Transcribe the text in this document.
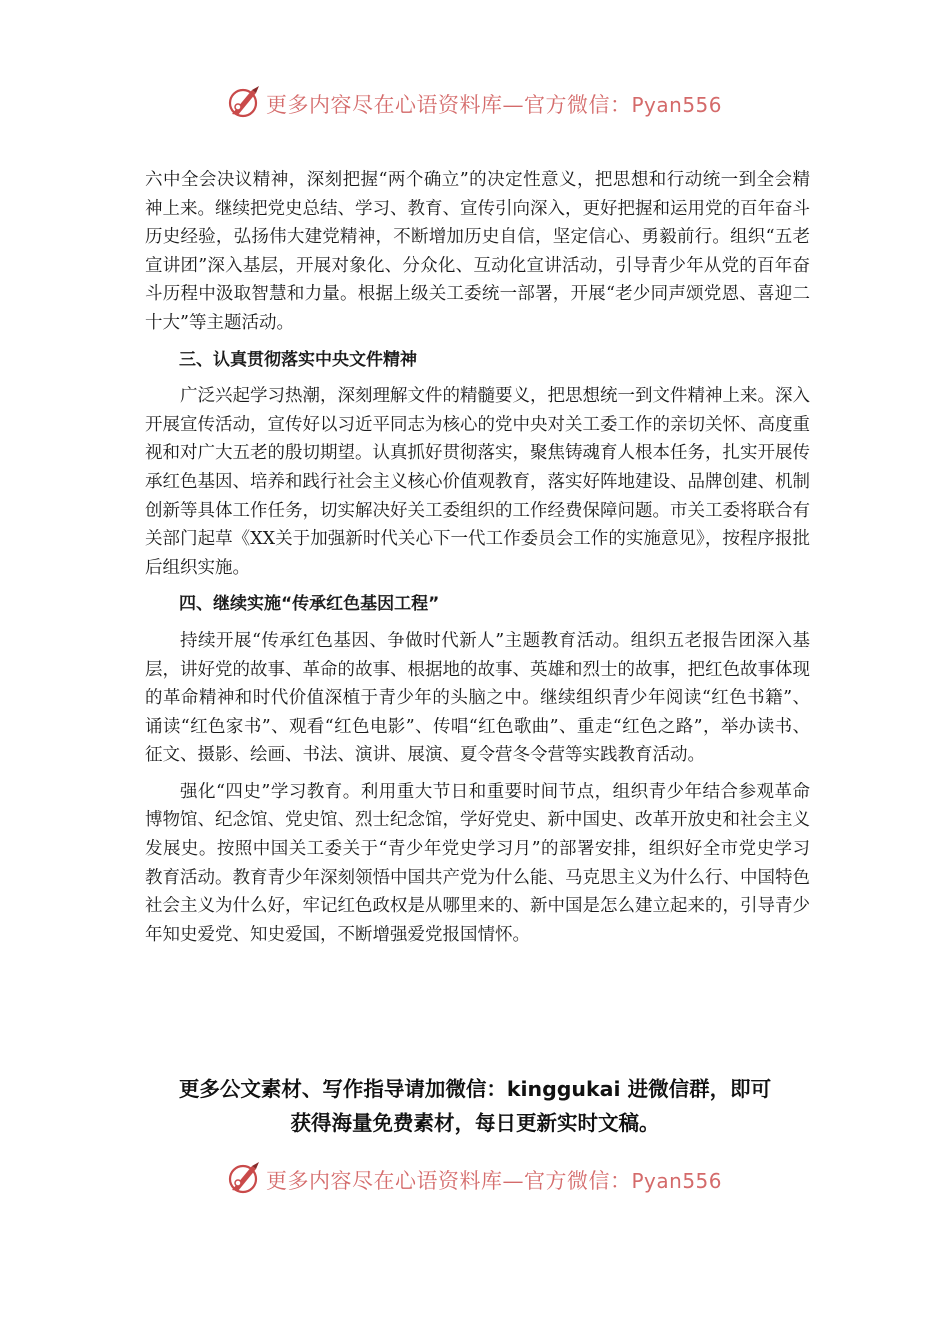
更多内容尽在心语资料库—官方微信：Pyan556

六中全会决议精神，深刻把握“两个确立”的决定性意义，把思想和行动统一到全会精神上来。继续把党史总结、学习、教育、宣传引向深入，更好把握和运用党的百年奋斗历史经验，弘扬伟大建党精神，不断增加历史自信，坚定信心、勇毅前行。组织“五老宣讲团”深入基层，开展对象化、分众化、互动化宣讲活动，引导青少年从党的百年奋斗历程中汲取智慧和力量。根据上级关工委统一部署，开展“老少同声颂党恩、喜迎二十大”等主题活动。

三、认真贯彻落实中央文件精神

广泛兴起学习热潮，深刻理解文件的精髓要义，把思想统一到文件精神上来。深入开展宣传活动，宣传好以习近平同志为核心的党中央对关工委工作的亲切关怀、高度重视和对广大五老的殷切期望。认真抓好贯彻落实，聚焦铸魂育人根本任务，扎实开展传承红色基因、培养和践行社会主义核心价值观教育，落实好阵地建设、品牌创建、机制创新等具体工作任务，切实解决好关工委组织的工作经费保障问题。市关工委将联合有关部门起草《XX关于加强新时代关心下一代工作委员会工作的实施意见》，按程序报批后组织实施。

四、继续实施“传承红色基因工程”

持续开展“传承红色基因、争做时代新人”主题教育活动。组织五老报告团深入基层，讲好党的故事、革命的故事、根据地的故事、英雄和烈士的故事，把红色故事体现的革命精神和时代价值深植于青少年的头脑之中。继续组织青少年阅读“红色书籍”、诵读“红色家书”、观看“红色电影”、传唱“红色歌曲”、重走“红色之路”，举办读书、征文、摄影、绘画、书法、演讲、展演、夏令营冬令营等实践教育活动。

强化“四史”学习教育。利用重大节日和重要时间节点，组织青少年结合参观革命博物馆、纪念馆、党史馆、烈士纪念馆，学好党史、新中国史、改革开放史和社会主义发展史。按照中国关工委关于“青少年党史学习月”的部署安排，组织好全市党史学习教育活动。教育青少年深刻领悟中国共产党为什么能、马克思主义为什么行、中国特色社会主义为什么好，牢记红色政权是从哪里来的、新中国是怎么建立起来的，引导青少年知史爱党、知史爱国，不断增强爱党报国情怀。

更多公文素材、写作指导请加微信：kinggukai 进微信群，即可
获得海量免费素材，每日更新实时文稿。
更多内容尽在心语资料库—官方微信：Pyan556
